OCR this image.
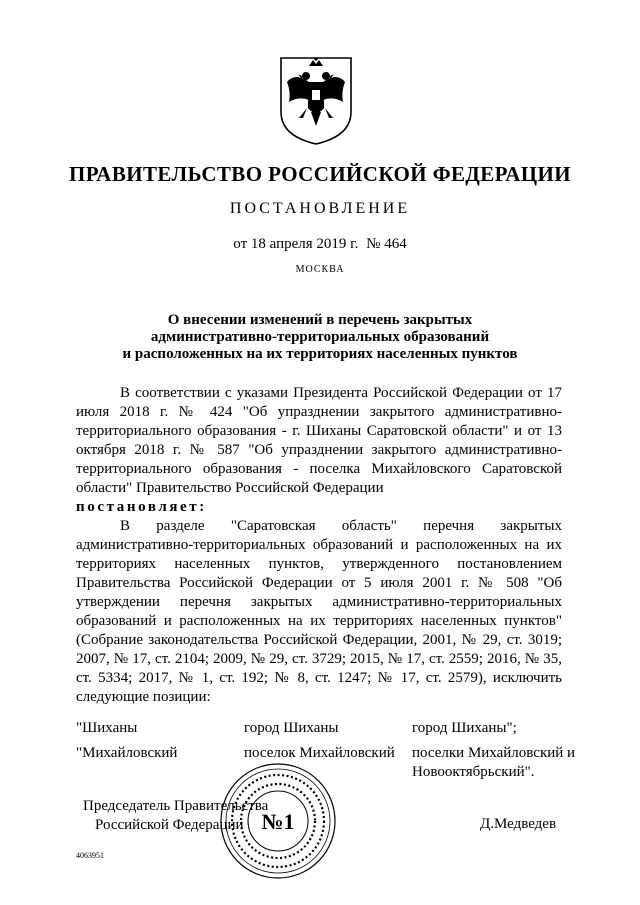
ПРАВИТЕЛЬСТВО РОССИЙСКОЙ ФЕДЕРАЦИИ
ПОСТАНОВЛЕНИЕ
от 18 апреля 2019 г. № 464
МОСКВА
О внесении изменений в перечень закрытых
административно-территориальных образований
и расположенных на их территориях населенных пунктов

В соответствии с указами Президента Российской Федерации от 17 июля 2018 г. № 424 "Об упразднении закрытого административно-территориального образования - г. Шиханы Саратовской области" и от 13 октября 2018 г. № 587 "Об упразднении закрытого административно-территориального образования - поселка Михайловского Саратовской области" Правительство Российской Федерации

постановляет:

В разделе "Саратовская область" перечня закрытых административно-территориальных образований и расположенных на их территориях населенных пунктов, утвержденного постановлением Правительства Российской Федерации от 5 июля 2001 г. № 508 "Об утверждении перечня закрытых административно-территориальных образований и расположенных на их территориях населенных пунктов" (Собрание законодательства Российской Федерации, 2001, № 29, ст. 3019; 2007, № 17, ст. 2104; 2009, № 29, ст. 3729; 2015, № 17, ст. 2559; 2016, № 35, ст. 5334; 2017, № 1, ст. 192; № 8, ст. 1247; № 17, ст. 2579), исключить следующие позиции:

"Шиханы	город Шиханы	город Шиханы";
"Михайловский	поселок Михайловский	поселки Михайловский и Новооктябрьский".
Председатель Правительства
Российской Федерации	Д.Медведев
№1
4063951
